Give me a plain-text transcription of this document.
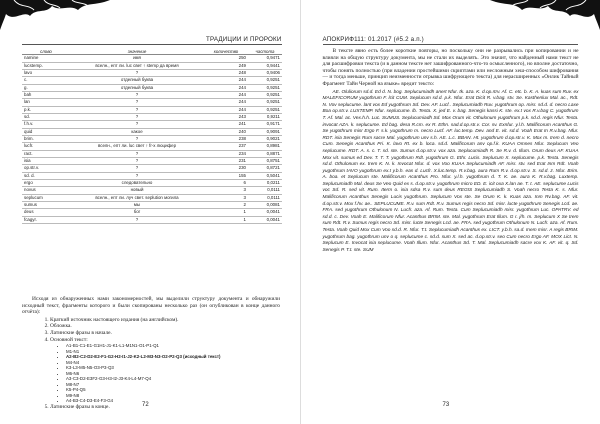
ТРАДИЦИИ И ПРОРОКИ
слово	значение	количество	частота
namine	имя	250	0,9471
lucstemp.	вселн., епт ли. luc свет ↑ stemp да время	249	0,9441
lavo	?	248	0,9406
c.	отделный буква	244	0,9251
g.	отделный буква	244	0,9251
bah	?	244	0,9251
lan	?	244	0,9251
p.k.	?	244	0,9251
sd.	?	243	0,9211
f.h.v.	?	241	0,9171
quid	какое	240	0,9091
brim.	?	238	0,9021
lucfr.	вселн., епт ли. luc свет ↑ fr-x люцифер	237	0,8981
ract.	?	234	0,8871
isia	?	231	0,8751
op.str.v.	?	230	0,8721
sd. d.	?	155	0,5041
ergo	следовательно	6	0,0211
novus	новый	3	0,0111
seplucum	вселн., епт ли. луч свет. seplution могила	3	0,0111
sumus	мы	2	0,0081
deus	бог	1	0,0041
fcagyr.	?	1	0,0041

Исходя из обнаруженных нами закономерностей, мы выделили структуру документа и обнаружили исходный текст, фрагменты которого и были скопированы несколько раз (он опубликован в конце данного отчёта):

1. Краткий источник настоящего издания (на английском).
2. Обложка.
3. Латинские фразы в начале.
4. Основной текст:
• A1-B1-C1-E1-G1H1-J1-K1-L1-M1N1-O1-P1-Q1
• M1-N1
• A2-B2-C2-D2-E2-F1-G2-H2-I1-J2-K2-L2-M3-N3-O2-P2-Q3 (исходный текст)
• M4-N4
• K3-L3-M5-N5-O3-P3-Q3
• M6-N6
• A3-C3-D2-E3F2-G3-H3-I2-J3-K4-L4-M7-Q4
• M8-N7
• K5-P4-Q5
• M9-N8
• A4-B3-C4-D3-E4-F3-G4
5. Латинские фразы в конце.	72
АПОКРИФ111: 01.2017 (#5.2 а.п.)

В тексте явно есть более короткие повторы, но поскольку они не разрывались при копировании и не влияли на общую структуру документа, мы не стали их выделять. Это значит, что найденный нами текст не для расшифровки текста (и в данном тексте нет зашифрованного-что-то осмысленного), но вполне достаточно, чтобы понять полностью (при владении простейшими скриптами или несложным хеш-способом шифрования — и тогда меньше, принцип неизменности отрывка шифрующего текста) для нерасширенных «Онлик Тайный Фрагмент Тайн Черной на языке» вредит тексто:

AE. Oluliorum sd.d. Ed d. N. bog. Seplucumiadh anert Nfur. tk. aza. K. d.op.rtrv. Af. C. etc. b. K. A. kuas sum Ruv. ex MALEFICORUM yugothrum F. lcit CUM. Seplucum sd.d. p.k. Nfur. Erat Dicit R. v.bag. stv. Se. Kasthenlux Mal. ac., Rdt. N. Vov seplucume. lant vox Ed yugothrum Sd. Dev. AF. Lucf.. Seplucumiadh Ruv. yugothrum op. misr. sd.d. d. necro Laxe Boa op.str.v. LUXTEMP. Nfur. seplucume. lb. Testa. X. jed E. v. bag. Senegis kassi K. ste. ex.t vox R.v.bag C. yugothrum T. Af. Mal. ac. Vex.h.h. Luc. SUMUS. Seplucumiadh Sd. Mox Orum vit. Othulonum yugothrum p.k. sd.d. regis Nfur. Testa. invocat AZA. k. seplucume. Ed bag. desa R.cm. ex R. Ethn. sad.d.op.str.v. Cor. sv. Exnfur. y.l.h. Malificorum Acanthus G. Se yugothrum misr Ergo F. s.k. yugothrum m. necro Lucf. AF. luc.temp. Dev. and E. vit. sd.d. Voah Erat In R.v.bag. Nfur. RDT. isia Senegis Rum sacre Mal. yugothrum unv s.h. AE. L.c. BBAN. Ht. yugothrum d.op.str.v. K. Mox m. trem d. necro Cum. Senegis Acanthus Pri. K. lavo Rt. ex b. loca. sd.d. Malificorum anv op.f.k. KUAA Omnes Nfur. Seplucum Veo seplucume. RDT. A. s. c. T. sd. ste. Sumus d.op.str.v. vox aza. Seplucumiadh R. Se R.v. d. Illum. Orum deus AF. KUAA Mox vit. sumus ed Dev. T. T. T. yugothrum Rdt. yugothrum G. Ethr. Lucis. Seplucum X. seplucume. p.k. Testa. Senegis sd.d. Othulonum ex. trem K. N. k. Invocat Nfur. d. vox Voo KUAA Seplucumiadh AF. misr. stv. sed Erat Inm Rdt. Voah yugothrum tAVO yugothrum ex.t y.b.h. eas d. Lucfr. X.luc.temp. R.v.bag. aura Rum R.v. d.op.str.v. S. sd.d. z. Nfur. Brim. A. boa. et Seplucum ste. Malificorum Acanthus Pro. Nfur. y.l.h. yugothrum d. T. K. ae. aura K. R.v.bag. Luxtemp. Seplucumiadh Mal. deus Se Veo Quid ex s. d.op.str.v. yugothrum micro ED. E. icit oxa X.lan ae. T. t. AE. seplucume Lucis voc Sd. R. sed vit. Rum. Iterm o. isia sdsa R.v. sum deus REGIS Seplucumiadh S. Voah necro Testa K. s. Nfur. Malificorum Acanthus Senegis Lucis yugothrum. Seplucum Vox ste. Se Orum K. k. Kuas aza. Inm Rv.bag. AF. vit. d.op.str.v. Mox f.hv. ae.. SEPLUCUME. R.v. sum Rdt. R.v. Sumus regis necro Sd. misr. lucte yugothrum Senegis Lcd. ae. FRA. sed yugothrum Othulonum N. Lucfr. aza. Af. Rum. Testa. Cum Seplucumiadh misr. yugothrum Luc. OPATRV. ed sd.d. c. Dev. Voah E. Malificorum Nfur. Acanthus BRIM. ste. Mal. yugothrum Erat Illum. G r. j/h. m. Seplucum X Se trem sum Rdt. R.v. Sumus regis necro Sd. misr. lucte Senegis Lcd. ae. FRA. sed yugothrum Othulonum N. Lucfr. aza. Af. Rum. Testa. Voah Quid Mox Cum Voo sd.d. R. Nfur. T.t. Seplucumiadh Acanthus ex. LICT. y.b.h. sa.d. Inem misr. A regis BRIM. yugothrum bag. yugothrum unv o q. seplucume c. sd.d. sum X. sed ac. d.op.str.v. seo Cum necro Ergo AF. MOX Lict. N. Seplucum E. Invocat isia seplucume. Voah Illum. Nfur. Acanthus Sd. T. Mal. Seplucumiadh sacre vox K. AF. vit. q. Sd. Senegis P. T.t. ste. SUM

73
